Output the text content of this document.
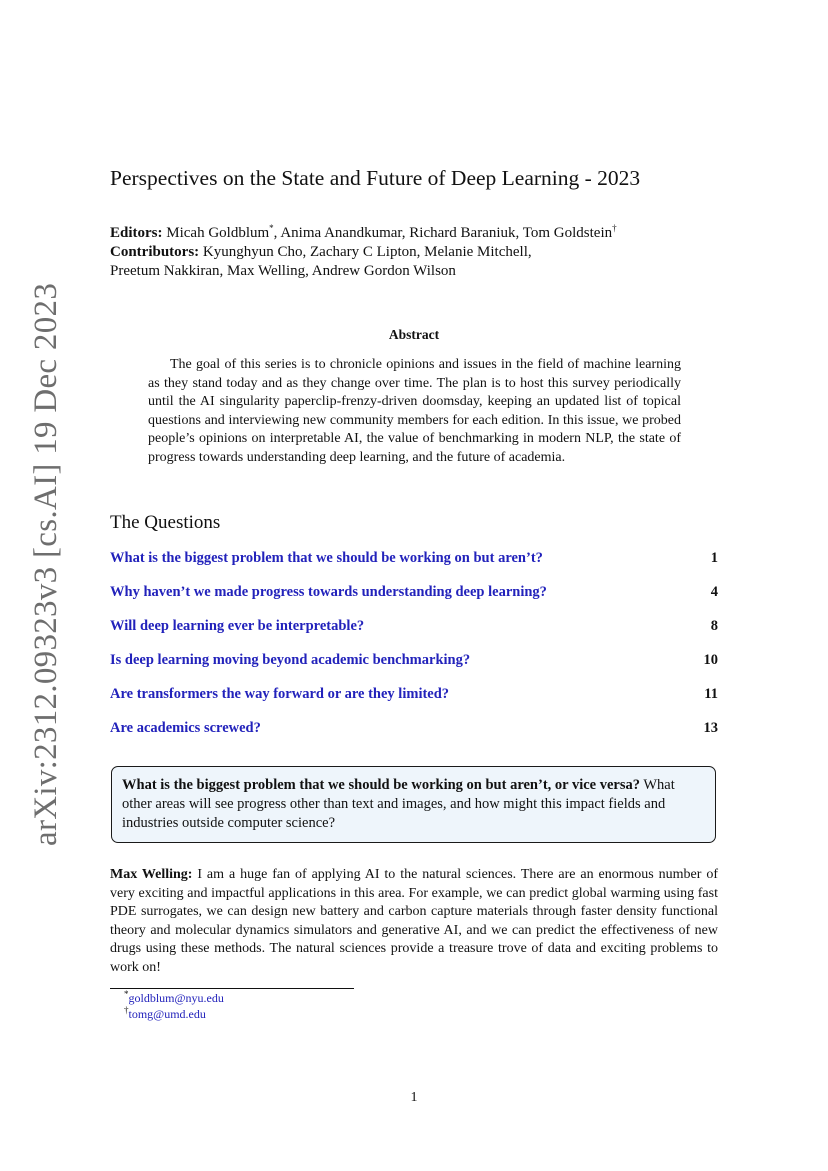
arXiv:2312.09323v3 [cs.AI] 19 Dec 2023
Perspectives on the State and Future of Deep Learning - 2023
Editors: Micah Goldblum*, Anima Anandkumar, Richard Baraniuk, Tom Goldstein†
Contributors: Kyunghyun Cho, Zachary C Lipton, Melanie Mitchell,
Preetum Nakkiran, Max Welling, Andrew Gordon Wilson
Abstract
The goal of this series is to chronicle opinions and issues in the field of machine learning as they stand today and as they change over time. The plan is to host this survey periodically until the AI singularity paperclip-frenzy-driven doomsday, keeping an updated list of topical questions and interviewing new community members for each edition. In this issue, we probed people’s opinions on interpretable AI, the value of benchmarking in modern NLP, the state of progress towards understanding deep learning, and the future of academia.
The Questions
What is the biggest problem that we should be working on but aren’t?	1
Why haven’t we made progress towards understanding deep learning?	4
Will deep learning ever be interpretable?	8
Is deep learning moving beyond academic benchmarking?	10
Are transformers the way forward or are they limited?	11
Are academics screwed?	13
What is the biggest problem that we should be working on but aren’t, or vice versa? What other areas will see progress other than text and images, and how might this impact fields and industries outside computer science?
Max Welling: I am a huge fan of applying AI to the natural sciences. There are an enormous number of very exciting and impactful applications in this area. For example, we can predict global warming using fast PDE surrogates, we can design new battery and carbon capture materials through faster density functional theory and molecular dynamics simulators and generative AI, and we can predict the effectiveness of new drugs using these methods. The natural sciences provide a treasure trove of data and exciting problems to work on!
*goldblum@nyu.edu
†tomg@umd.edu
1
